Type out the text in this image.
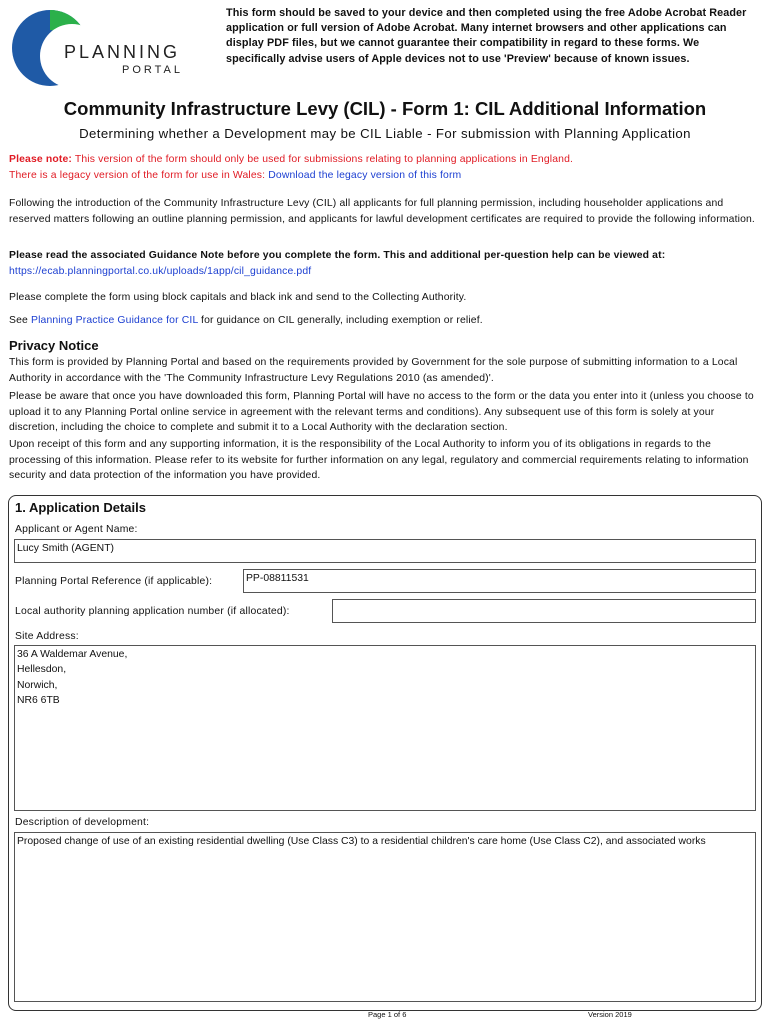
PLANNING
PORTAL
This form should be saved to your device and then completed using the free Adobe Acrobat Reader application or full version of Adobe Acrobat. Many internet browsers and other applications can display PDF files, but we cannot guarantee their compatibility in regard to these forms. We specifically advise users of Apple devices not to use 'Preview' because of known issues.
Community Infrastructure Levy (CIL) - Form 1: CIL Additional Information
Determining whether a Development may be CIL Liable - For submission with Planning Application
Please note: This version of the form should only be used for submissions relating to planning applications in England.
There is a legacy version of the form for use in Wales: Download the legacy version of this form
Following the introduction of the Community Infrastructure Levy (CIL) all applicants for full planning permission, including householder applications and reserved matters following an outline planning permission, and applicants for lawful development certificates are required to provide the following information.
Please read the associated Guidance Note before you complete the form. This and additional per-question help can be viewed at:
https://ecab.planningportal.co.uk/uploads/1app/cil_guidance.pdf
Please complete the form using block capitals and black ink and send to the Collecting Authority.
See Planning Practice Guidance for CIL for guidance on CIL generally, including exemption or relief.
Privacy Notice
This form is provided by Planning Portal and based on the requirements provided by Government for the sole purpose of submitting information to a Local Authority in accordance with the 'The Community Infrastructure Levy Regulations 2010 (as amended)'.
Please be aware that once you have downloaded this form, Planning Portal will have no access to the form or the data you enter into it (unless you choose to upload it to any Planning Portal online service in agreement with the relevant terms and conditions). Any subsequent use of this form is solely at your discretion, including the choice to complete and submit it to a Local Authority with the declaration section.
Upon receipt of this form and any supporting information, it is the responsibility of the Local Authority to inform you of its obligations in regards to the processing of this information. Please refer to its website for further information on any legal, regulatory and commercial requirements relating to information security and data protection of the information you have provided.
1. Application Details
Applicant or Agent Name:
Lucy Smith (AGENT)
Planning Portal Reference (if applicable):	PP-08811531
Local authority planning application number (if allocated):
Site Address:
36 A Waldemar Avenue,
Hellesdon,
Norwich,
NR6 6TB
Description of development:
Proposed change of use of an existing residential dwelling (Use Class C3) to a residential children's care home (Use Class C2), and associated works
Page 1 of 6	Version 2019
